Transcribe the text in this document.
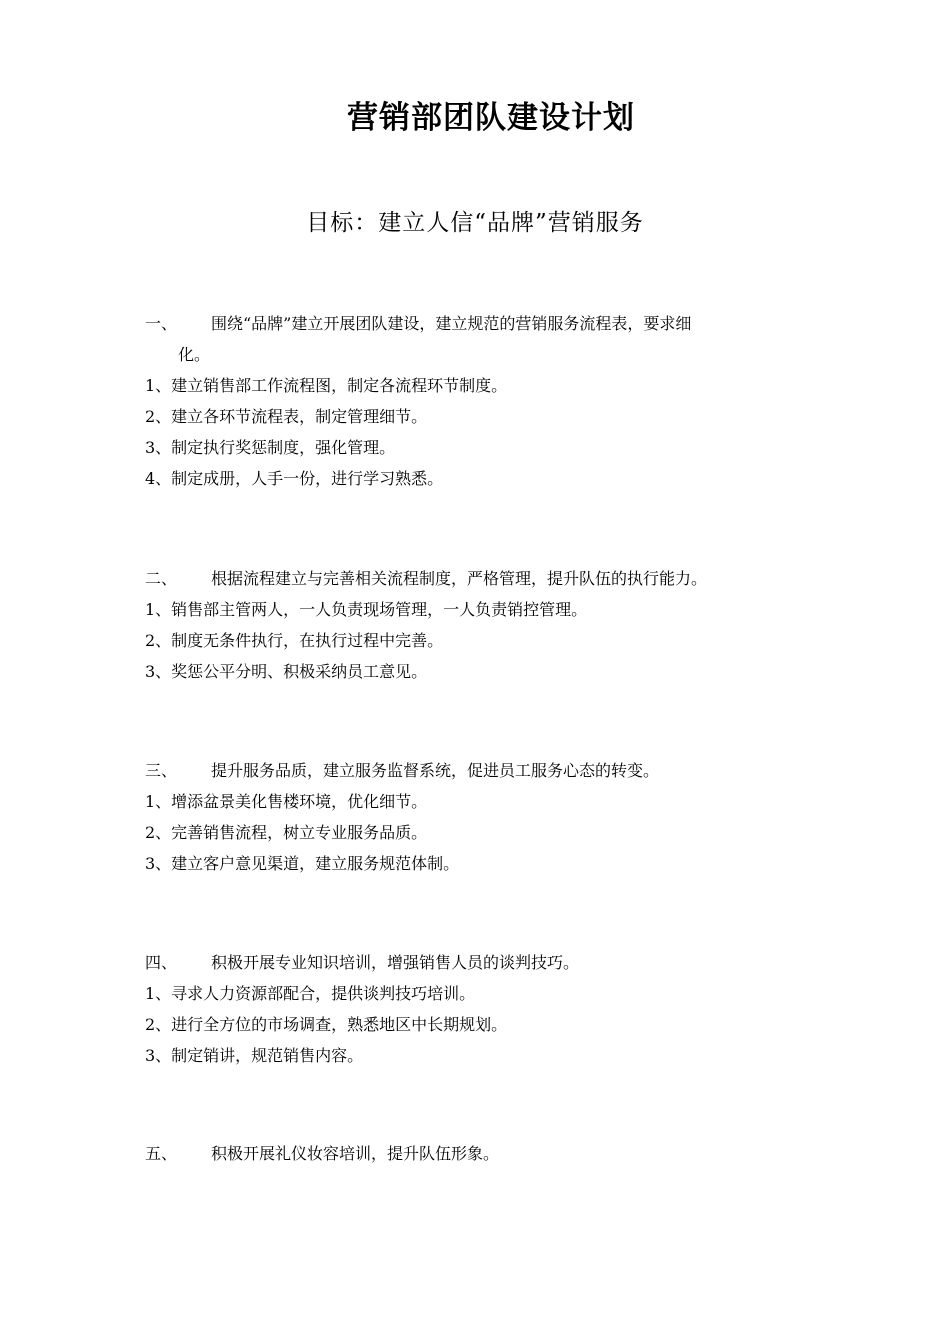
营销部团队建设计划
目标：建立人信“品牌”营销服务
一、	围绕“品牌”建立开展团队建设，建立规范的营销服务流程表，要求细
化。
1、建立销售部工作流程图，制定各流程环节制度。
2、建立各环节流程表，制定管理细节。
3、制定执行奖惩制度，强化管理。
4、制定成册，人手一份，进行学习熟悉。
二、	根据流程建立与完善相关流程制度，严格管理，提升队伍的执行能力。
1、销售部主管两人，一人负责现场管理，一人负责销控管理。
2、制度无条件执行，在执行过程中完善。
3、奖惩公平分明、积极采纳员工意见。
三、	提升服务品质，建立服务监督系统，促进员工服务心态的转变。
1、增添盆景美化售楼环境，优化细节。
2、完善销售流程，树立专业服务品质。
3、建立客户意见渠道，建立服务规范体制。
四、	积极开展专业知识培训，增强销售人员的谈判技巧。
1、寻求人力资源部配合，提供谈判技巧培训。
2、进行全方位的市场调查，熟悉地区中长期规划。
3、制定销讲，规范销售内容。
五、	积极开展礼仪妆容培训，提升队伍形象。
